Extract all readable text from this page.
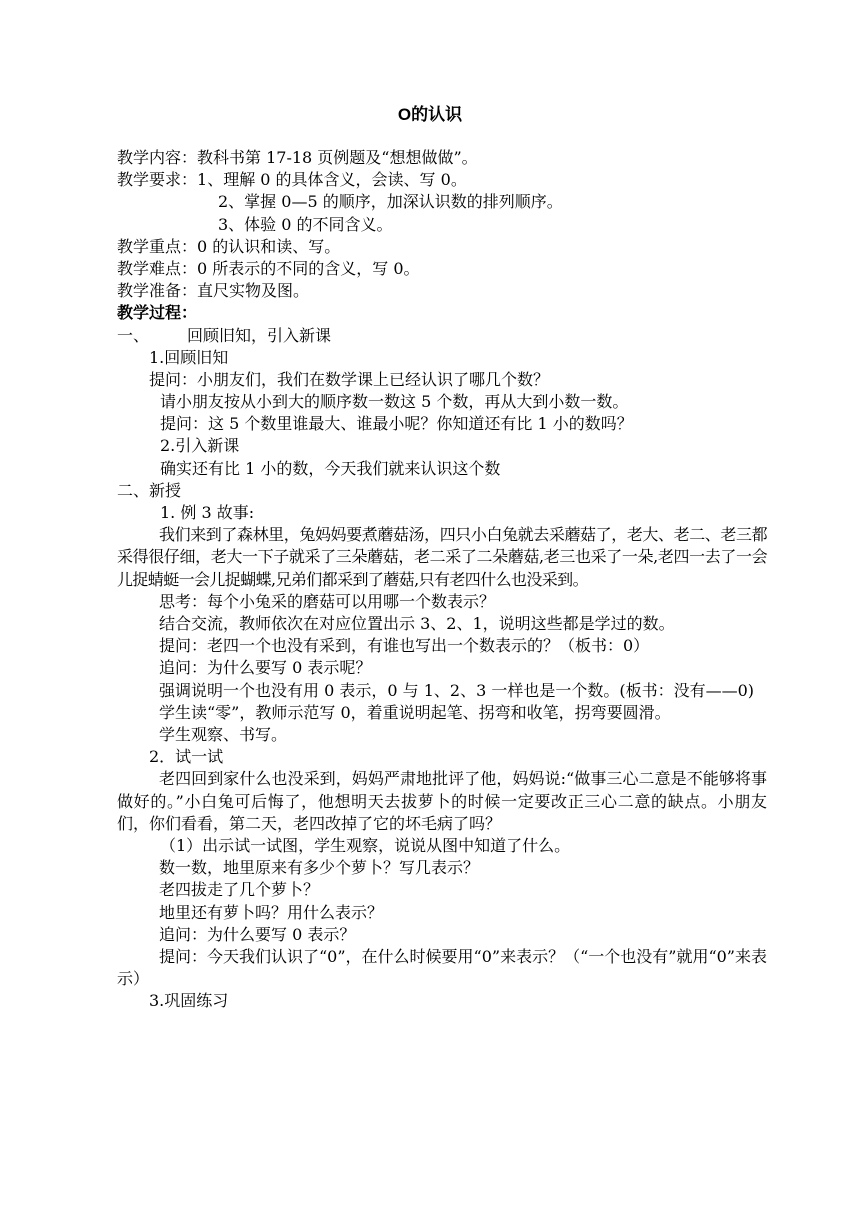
O的认识
教学内容：教科书第 17-18 页例题及“想想做做”。
教学要求：1、理解 0 的具体含义，会读、写 0。
2、掌握 0—5 的顺序，加深认识数的排列顺序。
3、体验 0 的不同含义。
教学重点：0 的认识和读、写。
教学难点：0 所表示的不同的含义，写 0。
教学准备：直尺实物及图。
教学过程：
一、 回顾旧知，引入新课
1.回顾旧知
提问：小朋友们，我们在数学课上已经认识了哪几个数？
请小朋友按从小到大的顺序数一数这 5 个数，再从大到小数一数。
提问：这 5 个数里谁最大、谁最小呢？你知道还有比 1 小的数吗？
2.引入新课
确实还有比 1 小的数，今天我们就来认识这个数
二、新授
1. 例 3 故事:
我们来到了森林里，兔妈妈要煮蘑菇汤，四只小白兔就去采蘑菇了，老大、老二、老三都采得很仔细，老大一下子就采了三朵蘑菇，老二采了二朵蘑菇,老三也采了一朵,老四一去了一会儿捉蜻蜓一会儿捉蝴蝶,兄弟们都采到了蘑菇,只有老四什么也没采到。
思考：每个小兔采的磨菇可以用哪一个数表示？
结合交流，教师依次在对应位置出示 3、2、1，说明这些都是学过的数。
提问：老四一个也没有采到，有谁也写出一个数表示的？（板书：0）
追问：为什么要写 0 表示呢？
强调说明一个也没有用 0 表示，0 与 1、2、3 一样也是一个数。(板书：没有——0)
学生读“零”，教师示范写 0，着重说明起笔、拐弯和收笔，拐弯要圆滑。
学生观察、书写。
2．试一试
老四回到家什么也没采到，妈妈严肃地批评了他，妈妈说:“做事三心二意是不能够将事做好的。”小白兔可后悔了，他想明天去拔萝卜的时候一定要改正三心二意的缺点。小朋友们，你们看看，第二天，老四改掉了它的坏毛病了吗？
（1）出示试一试图，学生观察，说说从图中知道了什么。
数一数，地里原来有多少个萝卜？写几表示？
老四拔走了几个萝卜？
地里还有萝卜吗？用什么表示？
追问：为什么要写 0 表示？
提问：今天我们认识了“0”，在什么时候要用“0”来表示？（“一个也没有”就用“0”来表示）
3.巩固练习
